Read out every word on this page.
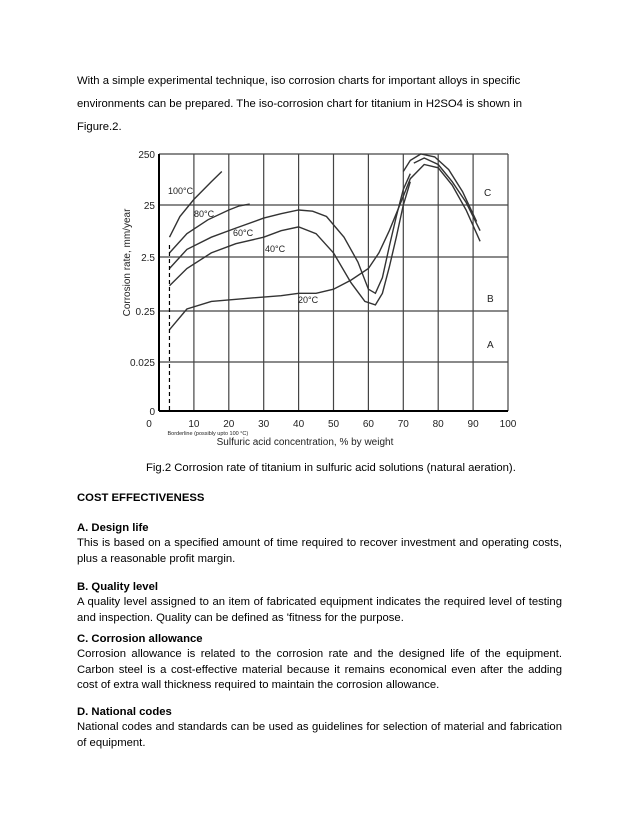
With a simple experimental technique, iso corrosion charts for important alloys in specific environments can be prepared. The iso-corrosion chart for titanium in H2SO4 is shown in Figure.2.

0	10 20 30 40 50 60 70 80 90 100
0
0.025
0.25
2.5
25
250
Sulfuric acid concentration, % by weight
Corrosion rate, mm/year
Borderline (possibly upto 100 °C)
100°C
80°C
60°C
40°C
20°C
A
B
C
Fig.2 Corrosion rate of titanium in sulfuric acid solutions (natural aeration).
COST EFFECTIVENESS
A. Design life

This is based on a specified amount of time required to recover investment and operating costs, plus a reasonable profit margin.

B. Quality level

A quality level assigned to an item of fabricated equipment indicates the required level of testing and inspection. Quality can be defined as 'fitness for the purpose.

C. Corrosion allowance

Corrosion allowance is related to the corrosion rate and the designed life of the equipment. Carbon steel is a cost-effective material because it remains economical even after the adding cost of extra wall thickness required to maintain the corrosion allowance.

D. National codes

National codes and standards can be used as guidelines for selection of material and fabrication of equipment.
